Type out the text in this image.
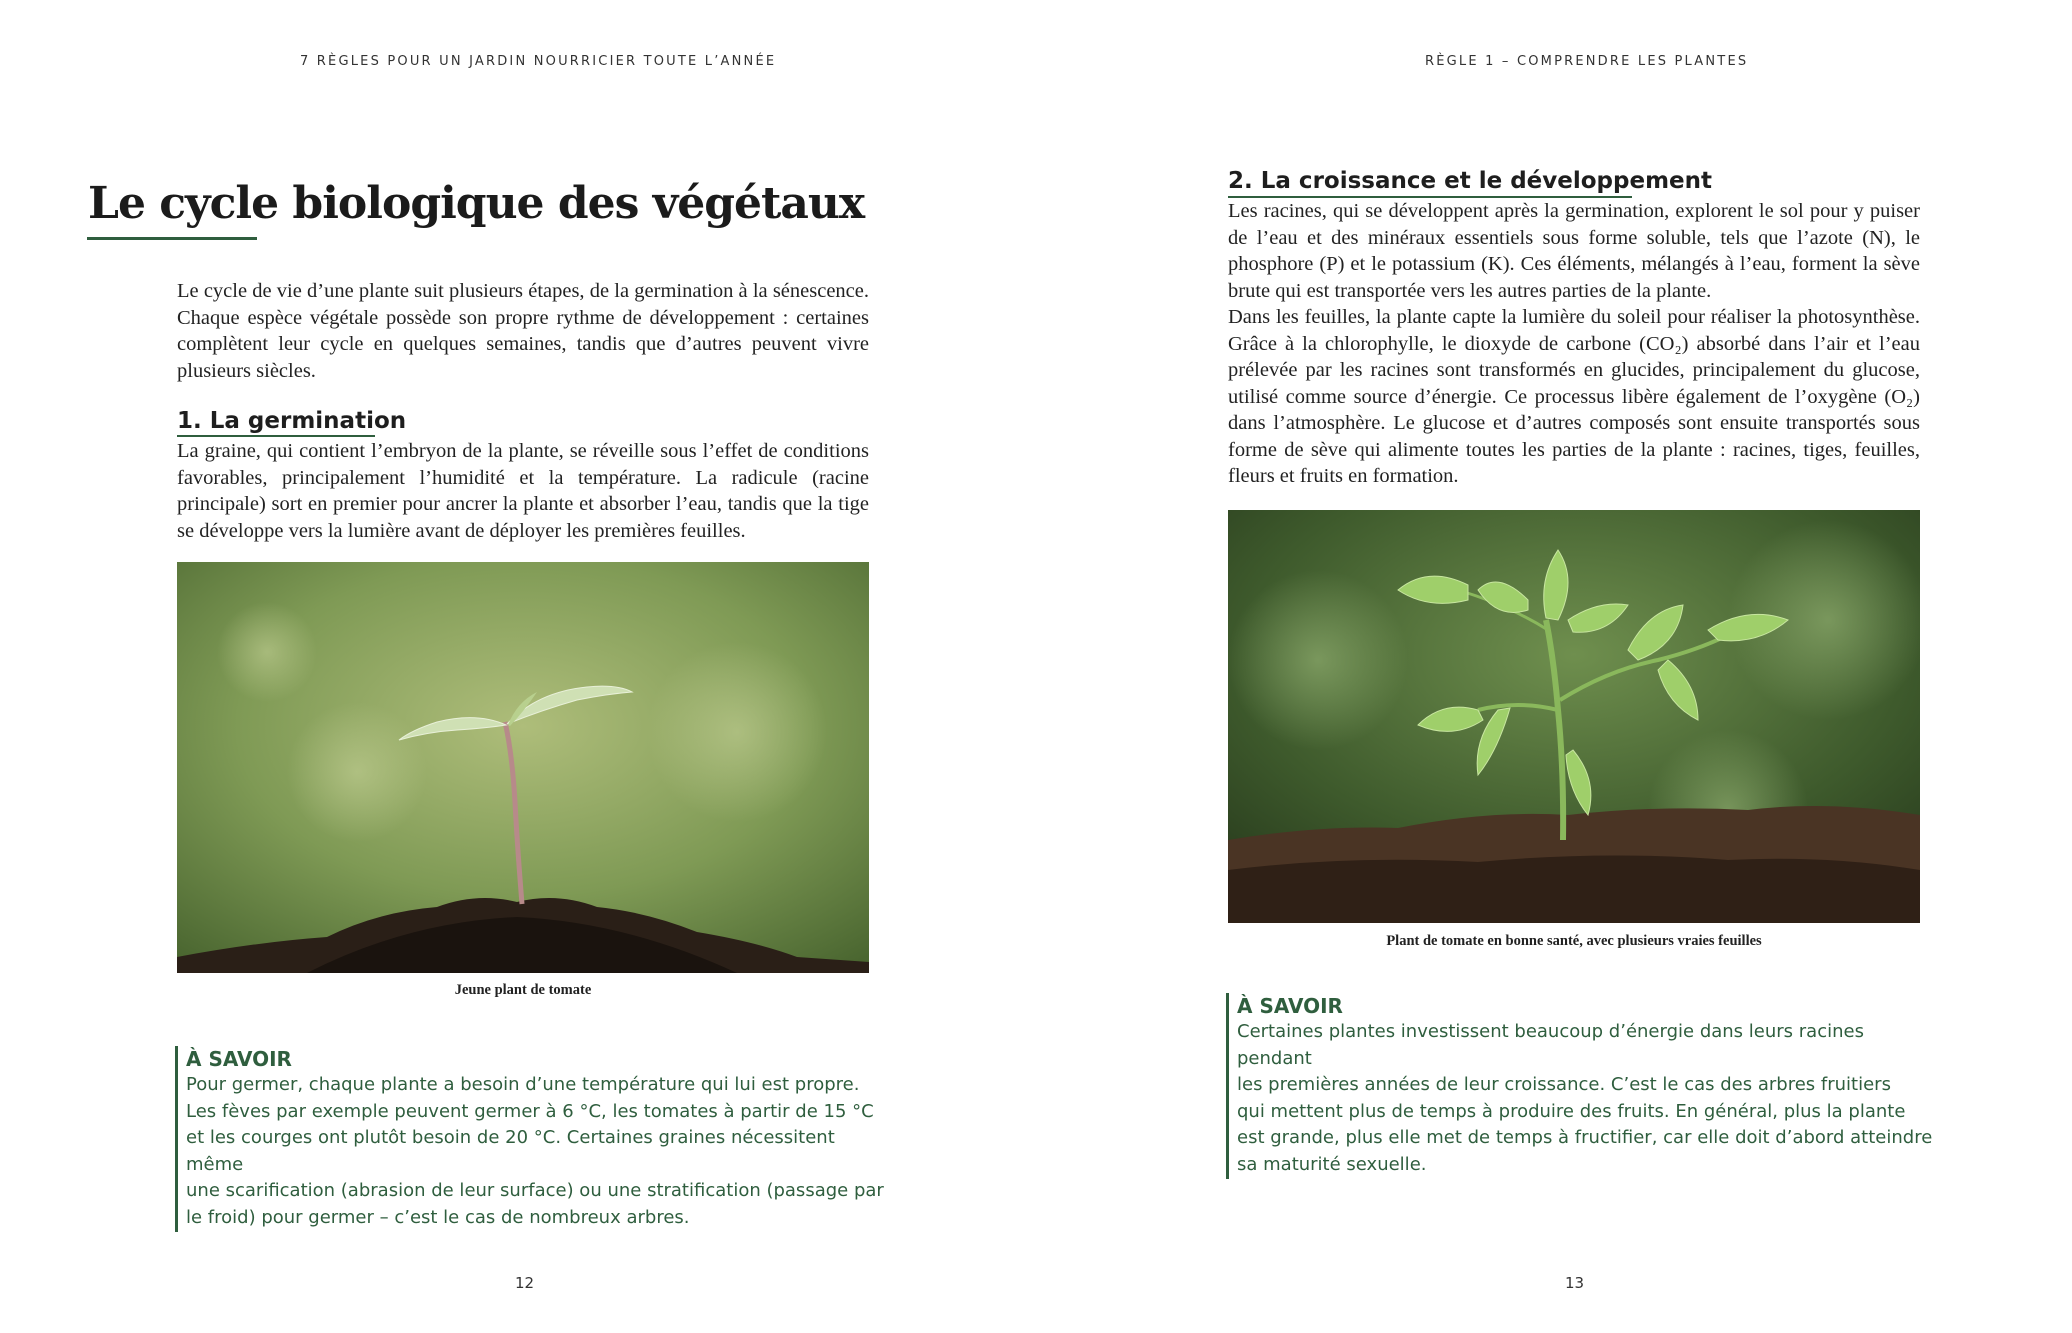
7 RÈGLES POUR UN JARDIN NOURRICIER TOUTE L’ANNÉE
Le cycle biologique des végétaux

Le cycle de vie d’une plante suit plusieurs étapes, de la germination à la sénescence. Chaque espèce végétale possède son propre rythme de développement : certaines complètent leur cycle en quelques semaines, tandis que d’autres peuvent vivre plusieurs siècles.

1. La germination

La graine, qui contient l’embryon de la plante, se réveille sous l’effet de conditions favorables, principalement l’humidité et la température. La radicule (racine principale) sort en premier pour ancrer la plante et absorber l’eau, tandis que la tige se développe vers la lumière avant de déployer les premières feuilles.

Jeune plant de tomate

À SAVOIR

Pour germer, chaque plante a besoin d’une température qui lui est propre.
Les fèves par exemple peuvent germer à 6 °C, les tomates à partir de 15 °C
et les courges ont plutôt besoin de 20 °C. Certaines graines nécessitent même
une scarification (abrasion de leur surface) ou une stratification (passage par
le froid) pour germer – c’est le cas de nombreux arbres.

12
RÈGLE 1 – COMPRENDRE LES PLANTES
2. La croissance et le développement

Les racines, qui se développent après la germination, explorent le sol pour y puiser de l’eau et des minéraux essentiels sous forme soluble, tels que l’azote (N), le phosphore (P) et le potassium (K). Ces éléments, mélangés à l’eau, forment la sève brute qui est transportée vers les autres parties de la plante.

Dans les feuilles, la plante capte la lumière du soleil pour réaliser la photosynthèse. Grâce à la chlorophylle, le dioxyde de carbone (CO₂) absorbé dans l’air et l’eau prélevée par les racines sont transformés en glucides, principalement du glucose, utilisé comme source d’énergie. Ce processus libère également de l’oxygène (O₂) dans l’atmosphère. Le glucose et d’autres composés sont ensuite transportés sous forme de sève qui alimente toutes les parties de la plante : racines, tiges, feuilles, fleurs et fruits en formation.

Plant de tomate en bonne santé, avec plusieurs vraies feuilles

À SAVOIR

Certaines plantes investissent beaucoup d’énergie dans leurs racines pendant
les premières années de leur croissance. C’est le cas des arbres fruitiers
qui mettent plus de temps à produire des fruits. En général, plus la plante
est grande, plus elle met de temps à fructifier, car elle doit d’abord atteindre
sa maturité sexuelle.

13
